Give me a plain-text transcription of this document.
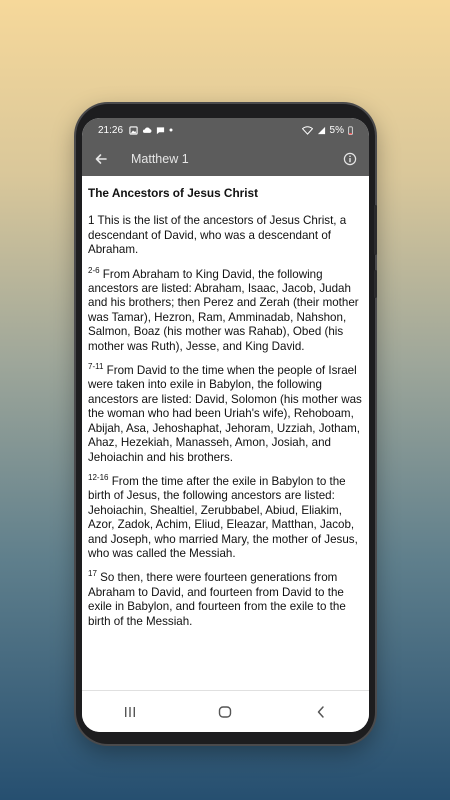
21:26	5%
Matthew 1
The Ancestors of Jesus Christ

1 This is the list of the ancestors of Jesus Christ, a descendant of David, who was a descendant of Abraham.

$^{2-6}$ From Abraham to King David, the following ancestors are listed: Abraham, Isaac, Jacob, Judah and his brothers; then Perez and Zerah (their mother was Tamar), Hezron, Ram, Amminadab, Nahshon, Salmon, Boaz (his mother was Rahab), Obed (his mother was Ruth), Jesse, and King David.

$^{7-11}$ From David to the time when the people of Israel were taken into exile in Babylon, the following ancestors are listed: David, Solomon (his mother was the woman who had been Uriah's wife), Rehoboam, Abijah, Asa, Jehoshaphat, Jehoram, Uzziah, Jotham, Ahaz, Hezekiah, Manasseh, Amon, Josiah, and Jehoiachin and his brothers.

$^{12-16}$ From the time after the exile in Babylon to the birth of Jesus, the following ancestors are listed: Jehoiachin, Shealtiel, Zerubbabel, Abiud, Eliakim, Azor, Zadok, Achim, Eliud, Eleazar, Matthan, Jacob, and Joseph, who married Mary, the mother of Jesus, who was called the Messiah.

$^{17}$ So then, there were fourteen generations from Abraham to David, and fourteen from David to the exile in Babylon, and fourteen from the exile to the birth of the Messiah.
